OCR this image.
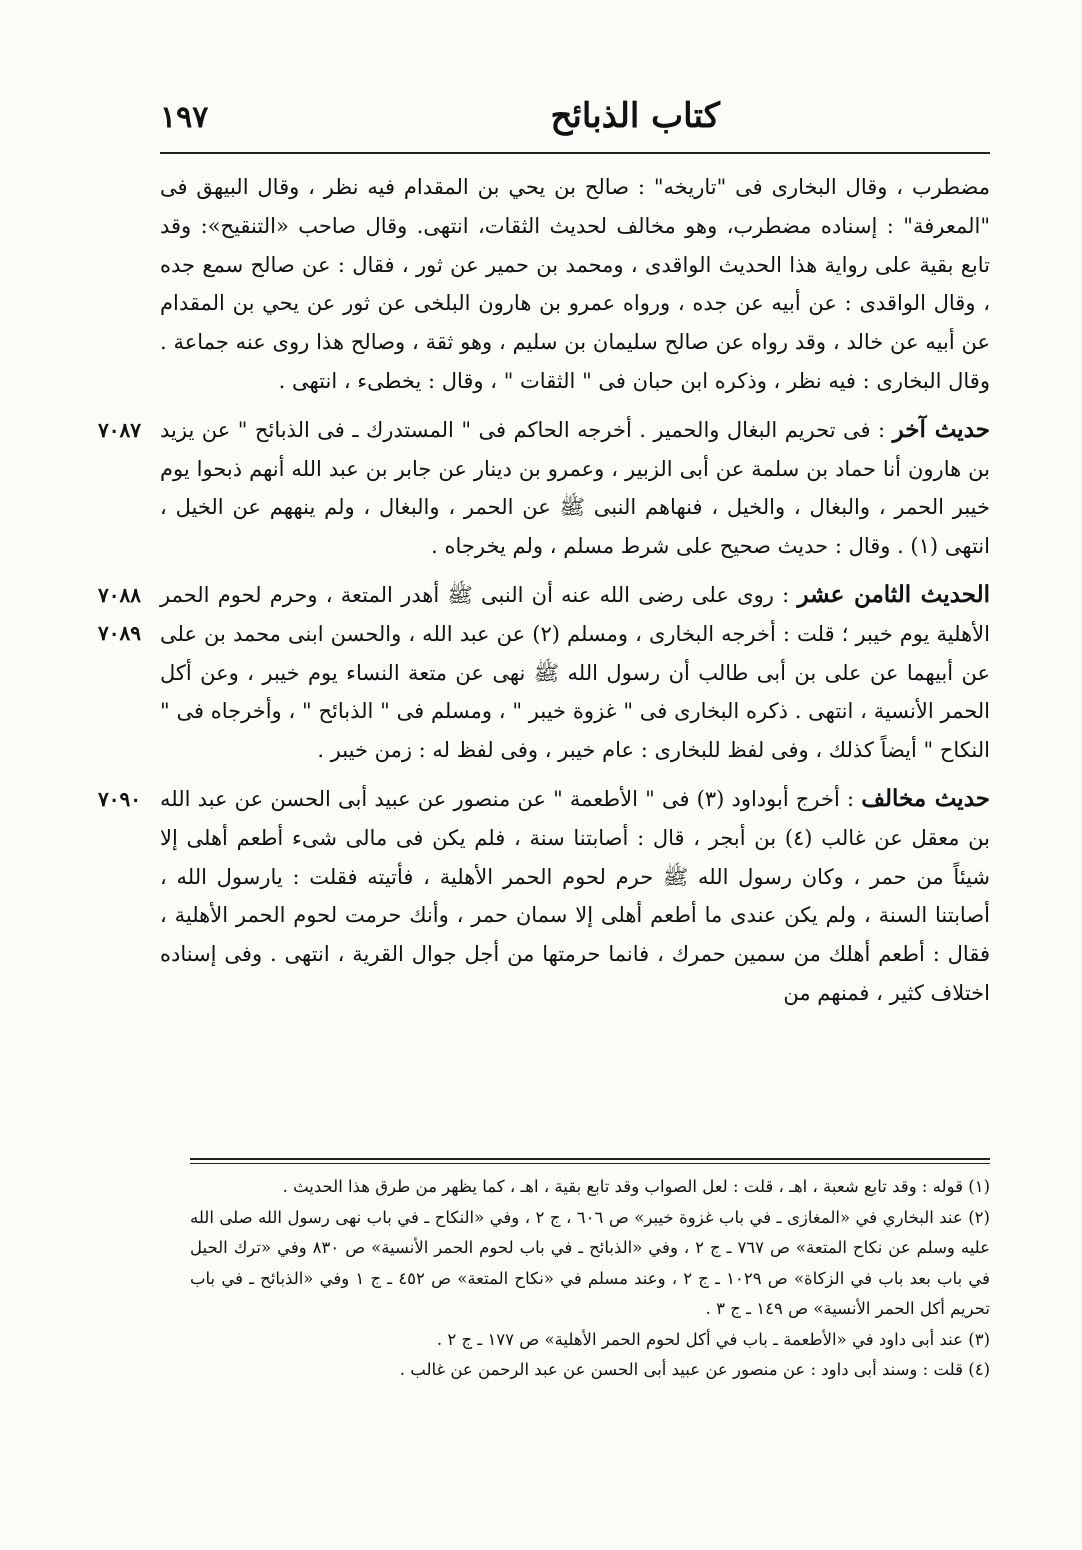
كتاب الذبائح
١٩٧

مضطرب ، وقال البخارى فى "تاريخه" : صالح بن يحي بن المقدام فيه نظر ، وقال البيهق فى "المعرفة" : إسناده مضطرب، وهو مخالف لحديث الثقات، انتهى. وقال صاحب «التنقيح»: وقد تابع بقية على رواية هذا الحديث الواقدى ، ومحمد بن حمير عن ثور ، فقال : عن صالح سمع جده ، وقال الواقدى : عن أبيه عن جده ، ورواه عمرو بن هارون البلخى عن ثور عن يحي بن المقدام عن أبيه عن خالد ، وقد رواه عن صالح سليمان بن سليم ، وهو ثقة ، وصالح هذا روى عنه جماعة . وقال البخارى : فيه نظر ، وذكره ابن حبان فى " الثقات " ، وقال : يخطىء ، انتهى .

٧٠٨٧	حديث آخر : فى تحريم البغال والحمير . أخرجه الحاكم فى " المستدرك ـ فى الذبائح " عن يزيد بن هارون أنا حماد بن سلمة عن أبى الزبير ، وعمرو بن دينار عن جابر بن عبد الله أنهم ذبحوا يوم خيبر الحمر ، والبغال ، والخيل ، فنهاهم النبى ﷺ عن الحمر ، والبغال ، ولم ينههم عن الخيل ، انتهى (١) . وقال : حديث صحيح على شرط مسلم ، ولم يخرجاه .

٧٠٨٨
٧٠٨٩
الحديث الثامن عشر : روى على رضى الله عنه أن النبى ﷺ أهدر المتعة ، وحرم لحوم الحمر الأهلية يوم خيبر ؛ قلت : أخرجه البخارى ، ومسلم (٢) عن عبد الله ، والحسن ابنى محمد بن على عن أبيهما عن على بن أبى طالب أن رسول الله ﷺ نهى عن متعة النساء يوم خيبر ، وعن أكل الحمر الأنسية ، انتهى . ذكره البخارى فى " غزوة خيبر " ، ومسلم فى " الذبائح " ، وأخرجاه فى " النكاح " أيضاً كذلك ، وفى لفظ للبخارى : عام خيبر ، وفى لفظ له : زمن خيبر .

٧٠٩٠	حديث مخالف : أخرج أبوداود (٣) فى " الأطعمة " عن منصور عن عبيد أبى الحسن عن عبد الله بن معقل عن غالب (٤) بن أبجر ، قال : أصابتنا سنة ، فلم يكن فى مالى شىء أطعم أهلى إلا شيئاً من حمر ، وكان رسول الله ﷺ حرم لحوم الحمر الأهلية ، فأتيته فقلت : يارسول الله ، أصابتنا السنة ، ولم يكن عندى ما أطعم أهلى إلا سمان حمر ، وأنك حرمت لحوم الحمر الأهلية ، فقال : أطعم أهلك من سمين حمرك ، فانما حرمتها من أجل جوال القرية ، انتهى . وفى إسناده اختلاف كثير ، فمنهم من

(١) قوله : وقد تابع شعبة ، اهـ ، قلت : لعل الصواب وقد تابع بقية ، اهـ ، كما يظهر من طرق هذا الحديث .

(٢) عند البخاري في «المغازى ـ في باب غزوة خيبر» ص ٦٠٦ ، ج ٢ ، وفي «النكاح ـ في باب نهى رسول الله صلى الله عليه وسلم عن نكاح المتعة» ص ٧٦٧ ـ ج ٢ ، وفي «الذبائح ـ في باب لحوم الحمر الأنسية» ص ٨٣٠ وفي «ترك الحيل في باب بعد باب في الزكاة» ص ١٠٢٩ ـ ج ٢ ، وعند مسلم في «نكاح المتعة» ص ٤٥٢ ـ ج ١ وفي «الذبائح ـ في باب تحريم أكل الحمر الأنسية» ص ١٤٩ ـ ج ٣ .

(٣) عند أبى داود في «الأطعمة ـ باب في أكل لحوم الحمر الأهلية» ص ١٧٧ ـ ج ٢ .

(٤) قلت : وسند أبى داود : عن منصور عن عبيد أبى الحسن عن عبد الرحمن عن غالب .
